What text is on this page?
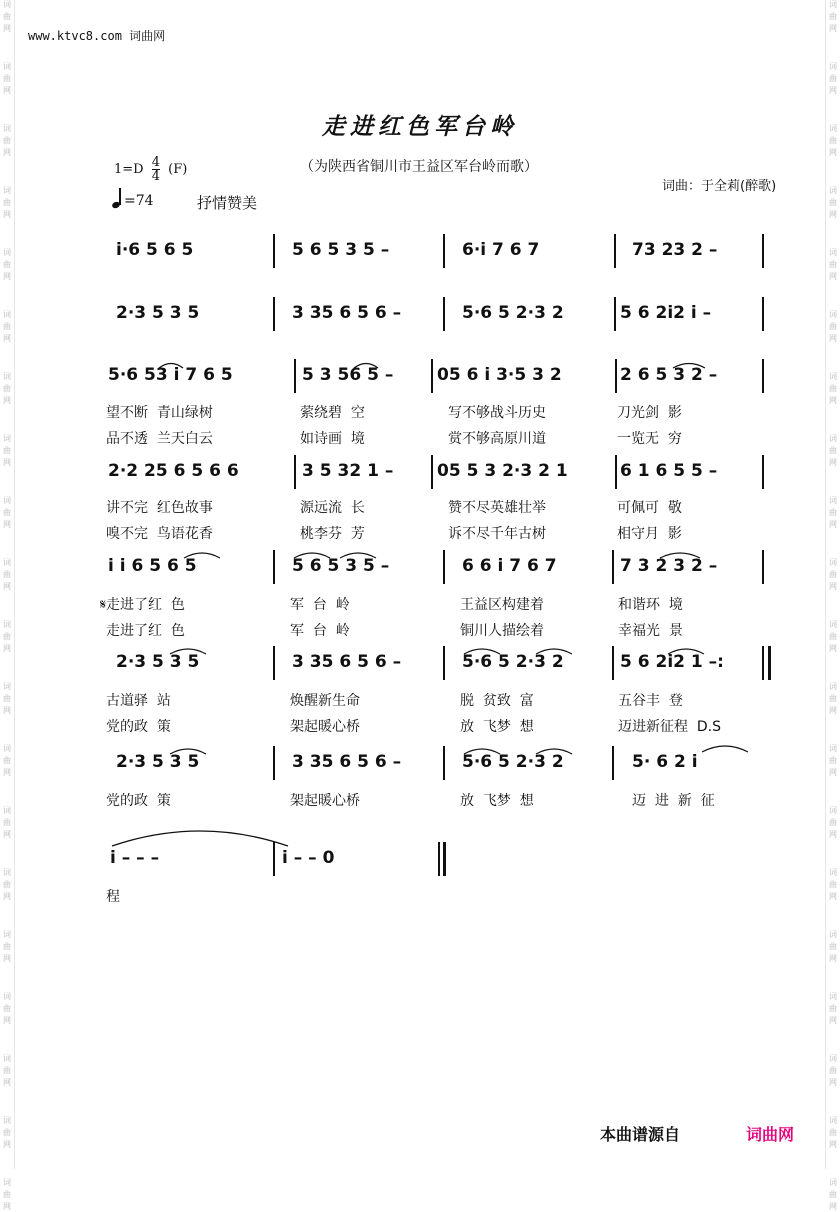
词
曲
网
词
曲
网
词
曲
网
词
曲
网
词
曲
网
词
曲
网
词
曲
网
词
曲
网
词
曲
网
词
曲
网
词
曲
网
词
曲
网
词
曲
网
词
曲
网
词
曲
网
词
曲
网
词
曲
网
词
曲
网
词
曲
网
词
曲
网
词
曲
网
词
曲
网
词
曲
网
词
曲
网
词
曲
网
词
曲
网
词
曲
网
词
曲
网
词
曲
网
词
曲
网
词
曲
网
词
曲
网
词
曲
网
词
曲
网
词
曲
网
词
曲
网
词
曲
网
词
曲
网
词
曲
网
词
曲
网
www.ktvc8.com 词曲网
走进红色军台岭
$1=D \frac{4}{4} (F)$	（为陕西省铜川市王益区军台岭而歌）
词曲：于全莉(醉歌)
=74	抒情赞美
i·6 5 6 5	5 6 5 3 5 –	6·i 7 6 7	73 23 2 –
2·3 5 3 5	3 35 6 5 6 –	5·6 5 2·3 2	5 6 2i2 i –
5·6 53 i 7 6 5	5 3 56 5 –	05 6 i 3·5 3 2	2 6 5 3 2 –
望不断  青山绿树	萦绕碧  空	写不够战斗历史	刀光剑  影
品不透  兰天白云	如诗画  境	赏不够高原川道	一览无  穷
2·2 25 6 5 6 6	3 5 32 1 –	05 5 3 2·3 2 1	6 1 6 5 5 –
讲不完  红色故事	源远流  长	赞不尽英雄壮举	可佩可  敬
嗅不完  鸟语花香	桃李芬  芳	诉不尽千年古树	相守月  影
i i 6 5 6 5	5 6 5 3 5 –	6 6 i 7 6 7	7 3 2 3 2 –
𝄋走进了红  色	军  台  岭	王益区构建着	和谐环  境
走进了红  色	军  台  岭	铜川人描绘着	幸福光  景
2·3 5 3 5	3 35 6 5 6 –	5·6 5 2·3 2	5 6 2i2 1 –:
古道驿  站	焕醒新生命	脱  贫致  富	五谷丰  登
党的政  策	架起暖心桥	放  飞梦  想	迈进新征程  D.S
2·3 5 3 5	3 35 6 5 6 –	5·6 5 2·3 2	5· 6 2 i
党的政  策	架起暖心桥	放  飞梦  想	迈  进  新  征
i – – –	i – – 0
程
本曲谱源自	词曲网
